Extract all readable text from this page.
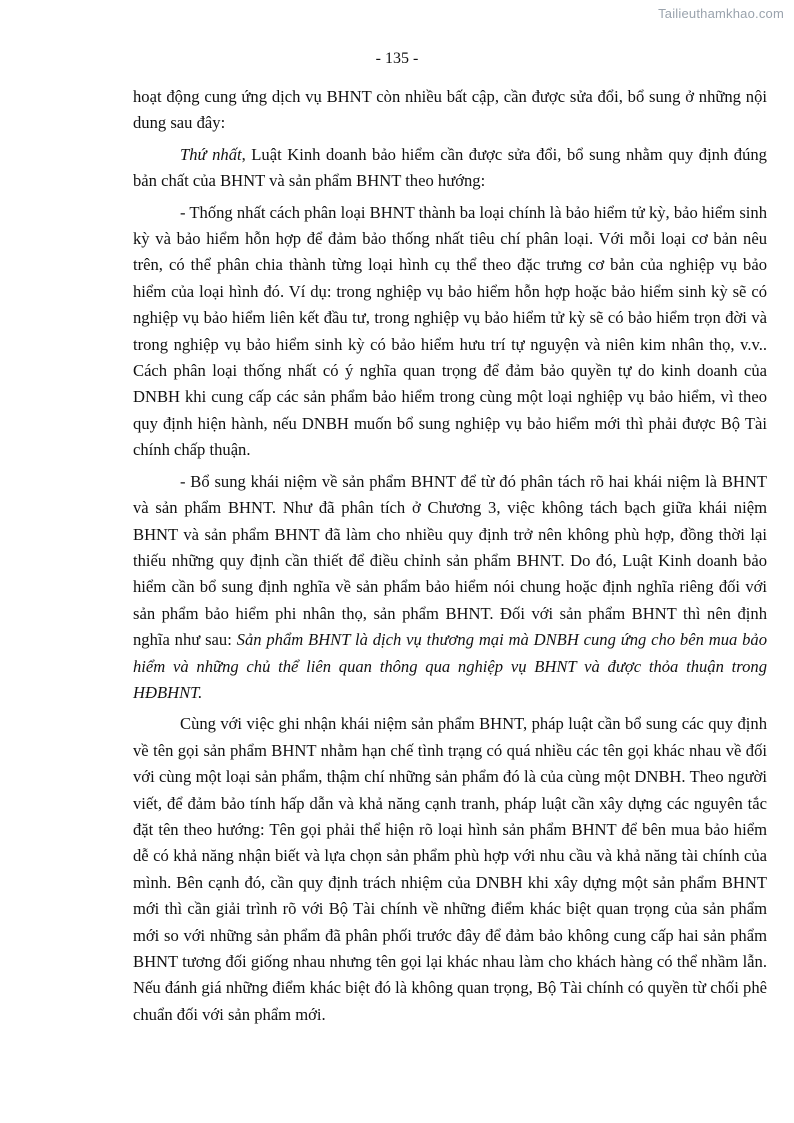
Tailieuthamkhao.com
- 135 -

hoạt động cung ứng dịch vụ BHNT còn nhiều bất cập, cần được sửa đổi, bổ sung ở những nội dung sau đây:

Thứ nhất, Luật Kinh doanh bảo hiểm cần được sửa đổi, bổ sung nhằm quy định đúng bản chất của BHNT và sản phẩm BHNT theo hướng:

- Thống nhất cách phân loại BHNT thành ba loại chính là bảo hiểm tử kỳ, bảo hiểm sinh kỳ và bảo hiểm hỗn hợp để đảm bảo thống nhất tiêu chí phân loại. Với mỗi loại cơ bản nêu trên, có thể phân chia thành từng loại hình cụ thể theo đặc trưng cơ bản của nghiệp vụ bảo hiểm của loại hình đó. Ví dụ: trong nghiệp vụ bảo hiểm hỗn hợp hoặc bảo hiểm sinh kỳ sẽ có nghiệp vụ bảo hiểm liên kết đầu tư, trong nghiệp vụ bảo hiểm tử kỳ sẽ có bảo hiểm trọn đời và trong nghiệp vụ bảo hiểm sinh kỳ có bảo hiểm hưu trí tự nguyện và niên kim nhân thọ, v.v.. Cách phân loại thống nhất có ý nghĩa quan trọng để đảm bảo quyền tự do kinh doanh của DNBH khi cung cấp các sản phẩm bảo hiểm trong cùng một loại nghiệp vụ bảo hiểm, vì theo quy định hiện hành, nếu DNBH muốn bổ sung nghiệp vụ bảo hiểm mới thì phải được Bộ Tài chính chấp thuận.

- Bổ sung khái niệm về sản phẩm BHNT để từ đó phân tách rõ hai khái niệm là BHNT và sản phẩm BHNT. Như đã phân tích ở Chương 3, việc không tách bạch giữa khái niệm BHNT và sản phẩm BHNT đã làm cho nhiều quy định trở nên không phù hợp, đồng thời lại thiếu những quy định cần thiết để điều chỉnh sản phẩm BHNT. Do đó, Luật Kinh doanh bảo hiểm cần bổ sung định nghĩa về sản phẩm bảo hiểm nói chung hoặc định nghĩa riêng đối với sản phẩm bảo hiểm phi nhân thọ, sản phẩm BHNT. Đối với sản phẩm BHNT thì nên định nghĩa như sau: Sản phẩm BHNT là dịch vụ thương mại mà DNBH cung ứng cho bên mua bảo hiểm và những chủ thể liên quan thông qua nghiệp vụ BHNT và được thỏa thuận trong HĐBHNT.

Cùng với việc ghi nhận khái niệm sản phẩm BHNT, pháp luật cần bổ sung các quy định về tên gọi sản phẩm BHNT nhằm hạn chế tình trạng có quá nhiều các tên gọi khác nhau về đối với cùng một loại sản phẩm, thậm chí những sản phẩm đó là của cùng một DNBH. Theo người viết, để đảm bảo tính hấp dẫn và khả năng cạnh tranh, pháp luật cần xây dựng các nguyên tắc đặt tên theo hướng: Tên gọi phải thể hiện rõ loại hình sản phẩm BHNT để bên mua bảo hiểm dễ có khả năng nhận biết và lựa chọn sản phẩm phù hợp với nhu cầu và khả năng tài chính của mình. Bên cạnh đó, cần quy định trách nhiệm của DNBH khi xây dựng một sản phẩm BHNT mới thì cần giải trình rõ với Bộ Tài chính về những điểm khác biệt quan trọng của sản phẩm mới so với những sản phẩm đã phân phối trước đây để đảm bảo không cung cấp hai sản phẩm BHNT tương đối giống nhau nhưng tên gọi lại khác nhau làm cho khách hàng có thể nhầm lẫn. Nếu đánh giá những điểm khác biệt đó là không quan trọng, Bộ Tài chính có quyền từ chối phê chuẩn đối với sản phẩm mới.
